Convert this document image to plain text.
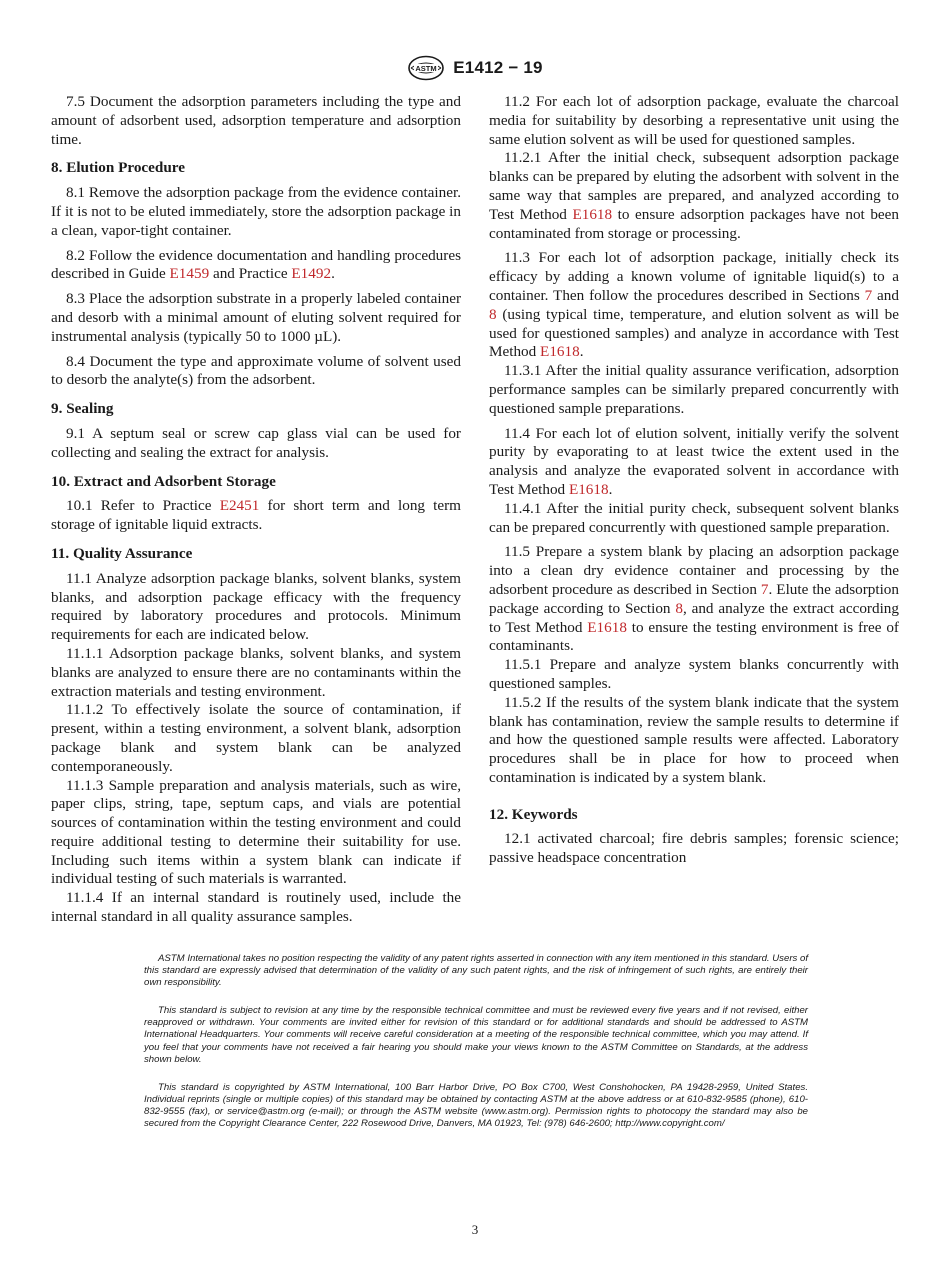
ASTM E1412 − 19

7.5 Document the adsorption parameters including the type and amount of adsorbent used, adsorption temperature and adsorption time.

8. Elution Procedure

8.1 Remove the adsorption package from the evidence container. If it is not to be eluted immediately, store the adsorption package in a clean, vapor-tight container.

8.2 Follow the evidence documentation and handling procedures described in Guide E1459 and Practice E1492.

8.3 Place the adsorption substrate in a properly labeled container and desorb with a minimal amount of eluting solvent required for instrumental analysis (typically 50 to 1000 µL).

8.4 Document the type and approximate volume of solvent used to desorb the analyte(s) from the adsorbent.

9. Sealing

9.1 A septum seal or screw cap glass vial can be used for collecting and sealing the extract for analysis.

10. Extract and Adsorbent Storage

10.1 Refer to Practice E2451 for short term and long term storage of ignitable liquid extracts.

11. Quality Assurance

11.1 Analyze adsorption package blanks, solvent blanks, system blanks, and adsorption package efficacy with the frequency required by laboratory procedures and protocols. Minimum requirements for each are indicated below.

11.1.1 Adsorption package blanks, solvent blanks, and system blanks are analyzed to ensure there are no contaminants within the extraction materials and testing environment.

11.1.2 To effectively isolate the source of contamination, if present, within a testing environment, a solvent blank, adsorption package blank and system blank can be analyzed contemporaneously.

11.1.3 Sample preparation and analysis materials, such as wire, paper clips, string, tape, septum caps, and vials are potential sources of contamination within the testing environment and could require additional testing to determine their suitability for use. Including such items within a system blank can indicate if individual testing of such materials is warranted.

11.1.4 If an internal standard is routinely used, include the internal standard in all quality assurance samples.

11.2 For each lot of adsorption package, evaluate the charcoal media for suitability by desorbing a representative unit using the same elution solvent as will be used for questioned samples.

11.2.1 After the initial check, subsequent adsorption package blanks can be prepared by eluting the adsorbent with solvent in the same way that samples are prepared, and analyzed according to Test Method E1618 to ensure adsorption packages have not been contaminated from storage or processing.

11.3 For each lot of adsorption package, initially check its efficacy by adding a known volume of ignitable liquid(s) to a container. Then follow the procedures described in Sections 7 and 8 (using typical time, temperature, and elution solvent as will be used for questioned samples) and analyze in accordance with Test Method E1618.

11.3.1 After the initial quality assurance verification, adsorption performance samples can be similarly prepared concurrently with questioned sample preparations.

11.4 For each lot of elution solvent, initially verify the solvent purity by evaporating to at least twice the extent used in the analysis and analyze the evaporated solvent in accordance with Test Method E1618.

11.4.1 After the initial purity check, subsequent solvent blanks can be prepared concurrently with questioned sample preparation.

11.5 Prepare a system blank by placing an adsorption package into a clean dry evidence container and processing by the adsorbent procedure as described in Section 7. Elute the adsorption package according to Section 8, and analyze the extract according to Test Method E1618 to ensure the testing environment is free of contaminants.

11.5.1 Prepare and analyze system blanks concurrently with questioned samples.

11.5.2 If the results of the system blank indicate that the system blank has contamination, review the sample results to determine if and how the questioned sample results were affected. Laboratory procedures shall be in place for how to proceed when contamination is indicated by a system blank.

12. Keywords

12.1 activated charcoal; fire debris samples; forensic science; passive headspace concentration

ASTM International takes no position respecting the validity of any patent rights asserted in connection with any item mentioned in this standard. Users of this standard are expressly advised that determination of the validity of any such patent rights, and the risk of infringement of such rights, are entirely their own responsibility.

This standard is subject to revision at any time by the responsible technical committee and must be reviewed every five years and if not revised, either reapproved or withdrawn. Your comments are invited either for revision of this standard or for additional standards and should be addressed to ASTM International Headquarters. Your comments will receive careful consideration at a meeting of the responsible technical committee, which you may attend. If you feel that your comments have not received a fair hearing you should make your views known to the ASTM Committee on Standards, at the address shown below.

This standard is copyrighted by ASTM International, 100 Barr Harbor Drive, PO Box C700, West Conshohocken, PA 19428-2959, United States. Individual reprints (single or multiple copies) of this standard may be obtained by contacting ASTM at the above address or at 610-832-9585 (phone), 610-832-9555 (fax), or service@astm.org (e-mail); or through the ASTM website (www.astm.org). Permission rights to photocopy the standard may also be secured from the Copyright Clearance Center, 222 Rosewood Drive, Danvers, MA 01923, Tel: (978) 646-2600; http://www.copyright.com/

3
